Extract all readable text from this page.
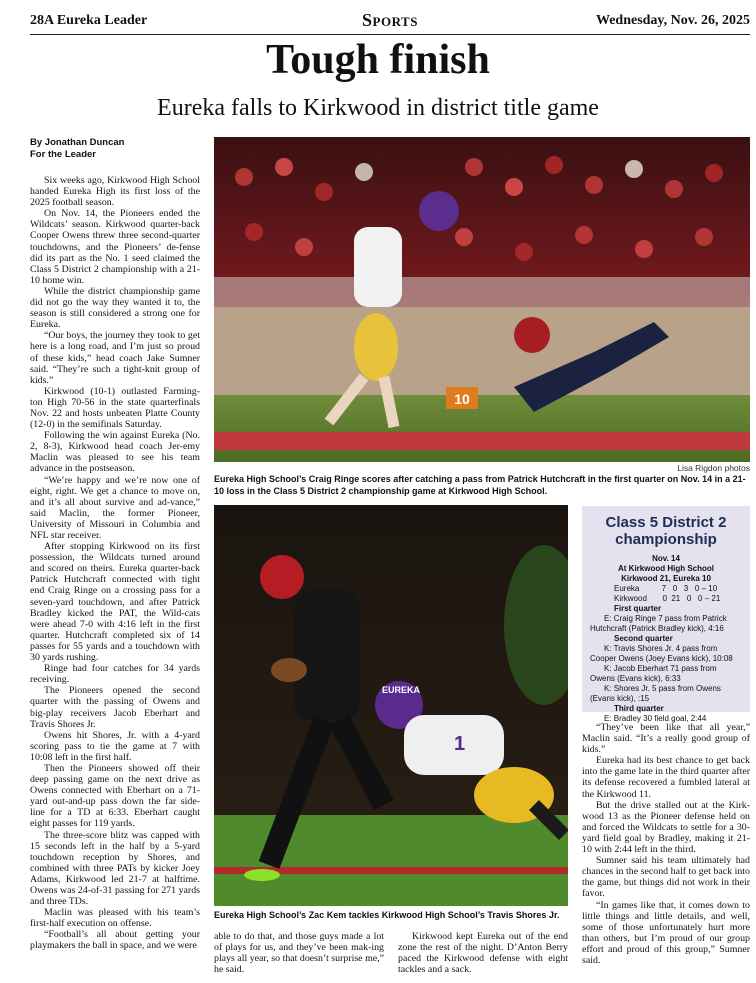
28A Eureka Leader	Sports	Wednesday, Nov. 26, 2025
Tough finish
Eureka falls to Kirkwood in district title game
By Jonathan Duncan
For the Leader

Six weeks ago, Kirkwood High School handed Eureka High its first loss of the 2025 football season.

On Nov. 14, the Pioneers ended the Wildcats’ season. Kirkwood quarter-back Cooper Owens threw three second-quarter touchdowns, and the Pioneers’ de-fense did its part as the No. 1 seed claimed the Class 5 District 2 championship with a 21-10 home win.

While the district championship game did not go the way they wanted it to, the season is still considered a strong one for Eureka.

“Our boys, the journey they took to get here is a long road, and I’m just so proud of these kids,” head coach Jake Sumner said. “They’re such a tight-knit group of kids.”

Kirkwood (10-1) outlasted Farming-ton High 70-56 in the state quarterfinals Nov. 22 and hosts unbeaten Platte County (12-0) in the semifinals Saturday.

Following the win against Eureka (No. 2, 8-3), Kirkwood head coach Jer-emy Maclin was pleased to see his team advance in the postseason.

“We’re happy and we’re now one of eight, right. We get a chance to move on, and it’s all about survive and ad-vance,” said Maclin, the former Pioneer, University of Missouri in Columbia and NFL star receiver.

After stopping Kirkwood on its first possession, the Wildcats turned around and scored on theirs. Eureka quarter-back Patrick Hutchcraft connected with tight end Craig Ringe on a crossing pass for a seven-yard touchdown, and after Patrick Bradley kicked the PAT, the Wild-cats were ahead 7-0 with 4:16 left in the first quarter. Hutchcraft completed six of 14 passes for 55 yards and a touchdown with 30 yards rushing.

Ringe had four catches for 34 yards receiving.

The Pioneers opened the second quarter with the passing of Owens and big-play receivers Jacob Eberhart and Travis Shores Jr.

Owens hit Shores, Jr. with a 4-yard scoring pass to tie the game at 7 with 10:08 left in the first half.

Then the Pioneers showed off their deep passing game on the next drive as Owens connected with Eberhart on a 71-yard out-and-up pass down the far side-line for a TD at 6:33. Eberhart caught eight passes for 119 yards.

The three-score blitz was capped with 15 seconds left in the half by a 5-yard touchdown reception by Shores, and combined with three PATs by kicker Joey Adams, Kirkwood led 21-7 at halftime. Owens was 24-of-31 passing for 271 yards and three TDs.

Maclin was pleased with his team’s first-half execution on offense.

“Football’s all about getting your playmakers the ball in space, and we were

10
Lisa Rigdon photos
Eureka High School’s Craig Ringe scores after catching a pass from Patrick Hutchcraft in the first quarter on Nov. 14 in a 21-10 loss in the Class 5 District 2 championship game at Kirkwood High School.
EUREKA
1
Eureka High School’s Zac Kem tackles Kirkwood High School’s Travis Shores Jr.

able to do that, and those guys made a lot of plays for us, and they’ve been mak-ing plays all year, so that doesn’t surprise me,” he said.

Kirkwood kept Eureka out of the end zone the rest of the night. D’Anton Berry paced the Kirkwood defense with eight tackles and a sack.

Class 5 District 2 championship
Nov. 14
At Kirkwood High School
Kirkwood 21, Eureka 10
Eureka          7   0   3   0 – 10
Kirkwood       0  21   0   0 – 21
First quarter
E: Craig Ringe 7 pass from Patrick Hutchcraft (Patrick Bradley kick), 4:16
Second quarter
K: Travis Shores Jr. 4 pass from Cooper Owens (Joey Evans kick), 10:08
K: Jacob Eberhart 71 pass from Owens (Evans kick), 6:33
K: Shores Jr. 5 pass from Owens (Evans kick), :15
Third quarter
E: Bradley 30 field goal, 2:44

“They’ve been like that all year,” Maclin said. “It’s a really good group of kids.”

Eureka had its best chance to get back into the game late in the third quarter after its defense recovered a fumbled lateral at the Kirkwood 11.

But the drive stalled out at the Kirk-wood 13 as the Pioneer defense held on and forced the Wildcats to settle for a 30-yard field goal by Bradley, making it 21-10 with 2:44 left in the third.

Sumner said his team ultimately had chances in the second half to get back into the game, but things did not work in their favor.

“In games like that, it comes down to little things and little details, and well, some of those unfortunately hurt more than others, but I’m proud of our group effort and proud of this group,” Sumner said.
